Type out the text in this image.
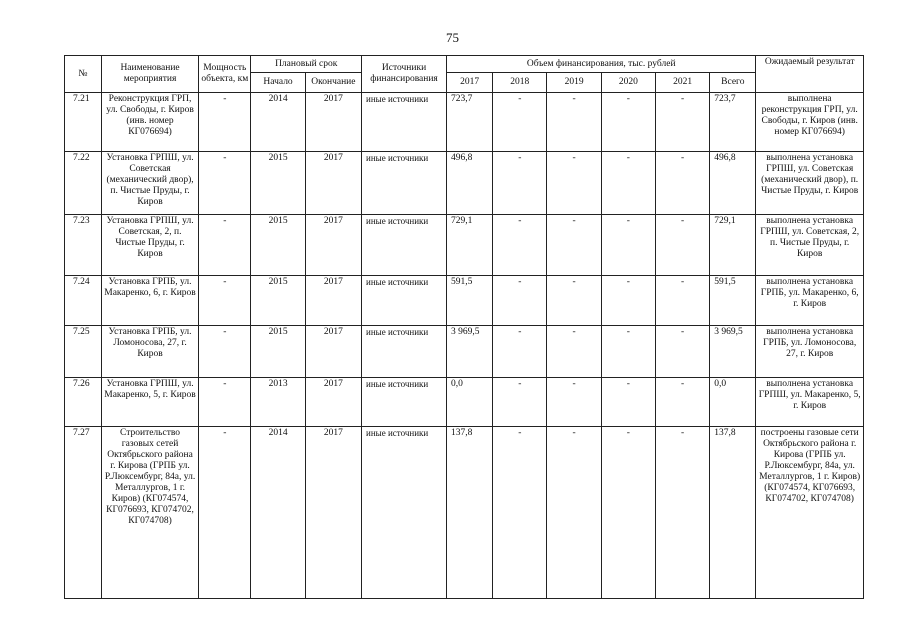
75
№	Наименование мероприятия	Мощность объекта, км	Плановый срок		Источники финансирования	Объем финансирования, тыс. рублей						Ожидаемый результат
			Начало	Окончание		2017	2018	2019	2020	2021	Всего	
7.21	Реконструкция ГРП, ул. Свободы, г. Киров (инв. номер КГ076694)	-	2014	2017	иные источники	723,7	-	-	-	-	723,7	выполнена реконструкция ГРП, ул. Свободы, г. Киров (инв. номер КГ076694)
7.22	Установка ГРПШ, ул. Советская (механический двор), п. Чистые Пруды, г. Киров	-	2015	2017	иные источники	496,8	-	-	-	-	496,8	выполнена установка ГРПШ, ул. Советская (механический двор), п. Чистые Пруды, г. Киров
7.23	Установка ГРПШ, ул. Советская, 2, п. Чистые Пруды, г. Киров	-	2015	2017	иные источники	729,1	-	-	-	-	729,1	выполнена установка ГРПШ, ул. Советская, 2, п. Чистые Пруды, г. Киров
7.24	Установка ГРПБ, ул. Макаренко, 6, г. Киров	-	2015	2017	иные источники	591,5	-	-	-	-	591,5	выполнена установка ГРПБ, ул. Макаренко, 6, г. Киров
7.25	Установка ГРПБ, ул. Ломоносова, 27, г. Киров	-	2015	2017	иные источники	3 969,5	-	-	-	-	3 969,5	выполнена установка ГРПБ, ул. Ломоносова, 27, г. Киров
7.26	Установка ГРПШ, ул. Макаренко, 5, г. Киров	-	2013	2017	иные источники	0,0	-	-	-	-	0,0	выполнена установка ГРПШ, ул. Макаренко, 5, г. Киров
7.27	Строительство газовых сетей Октябрьского района г. Кирова (ГРПБ ул. Р.Люксембург, 84а, ул. Металлургов, 1 г. Киров) (КГ074574, КГ076693, КГ074702, КГ074708)	-	2014	2017	иные источники	137,8	-	-	-	-	137,8	построены газовые сети Октябрьского района г. Кирова (ГРПБ ул. Р.Люксембург, 84а, ул. Металлургов, 1 г. Киров) (КГ074574, КГ076693, КГ074702, КГ074708)
